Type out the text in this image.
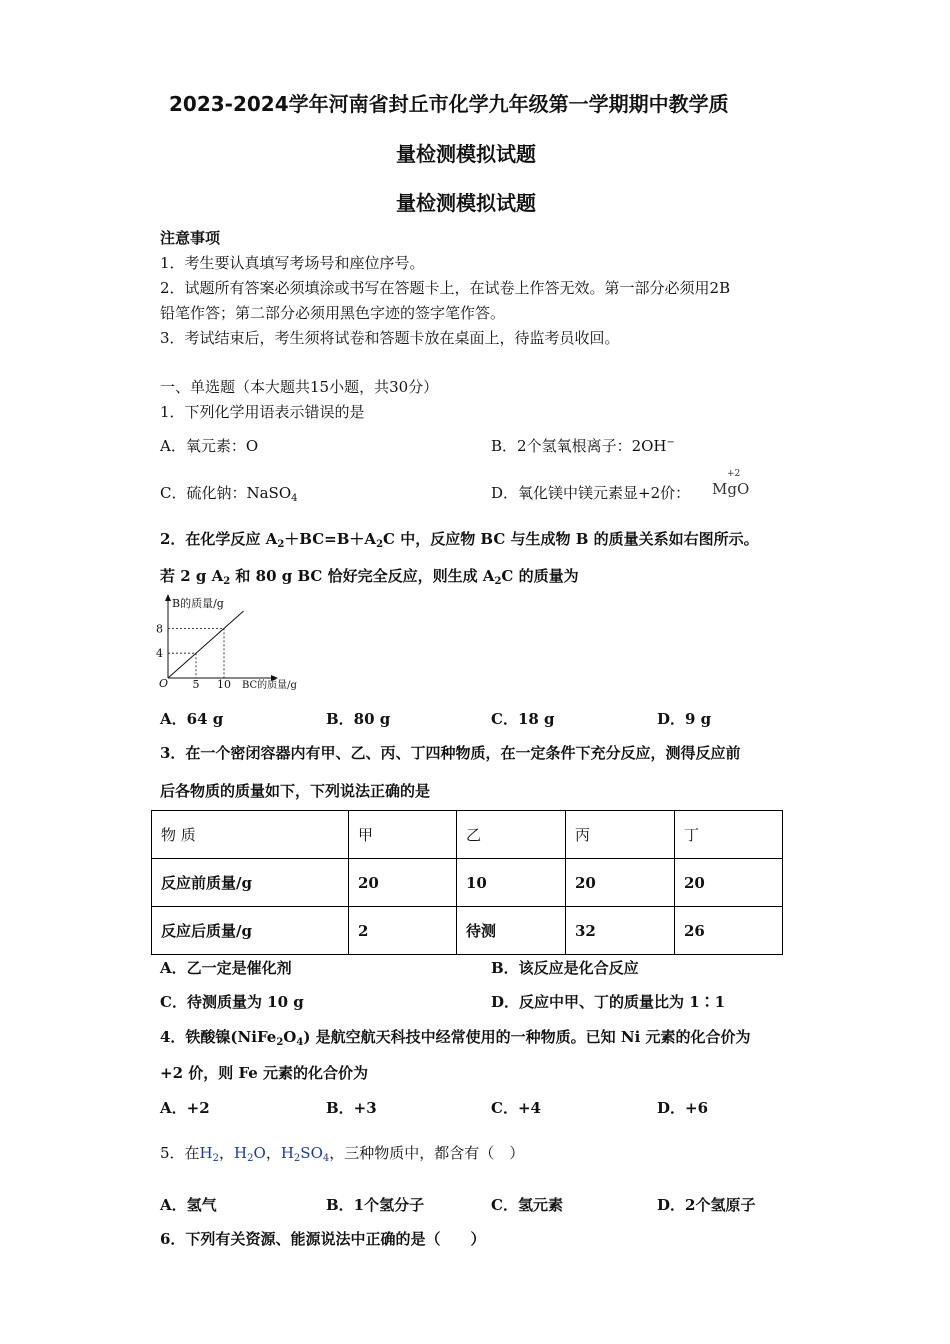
2023-2024学年河南省封丘市化学九年级第一学期期中教学质
量检测模拟试题
量检测模拟试题
注意事项
1．考生要认真填写考场号和座位序号。
2．试题所有答案必须填涂或书写在答题卡上，在试卷上作答无效。第一部分必须用2B
铅笔作答；第二部分必须用黑色字迹的签字笔作答。
3．考试结束后，考生须将试卷和答题卡放在桌面上，待监考员收回。
一、单选题（本大题共15小题，共30分）
1．下列化学用语表示错误的是
A．氧元素：O	B．2个氢氧根离子：2OH−
C．硫化钠：NaSO$_4$	D．氧化镁中镁元素显+2价：
+2
MgO
2．在化学反应 $A_2+BC=B+A_2C$ 中，反应物 BC 与生成物 B 的质量关系如右图所示。
若 2 g $A_2$ 和 80 g BC 恰好完全反应，则生成 $A_2C$ 的质量为
B的质量/g
BC的质量/g
O 5 10
4
8
A．64 g	B．80 g	C．18 g	D．9 g
3．在一个密闭容器内有甲、乙、丙、丁四种物质，在一定条件下充分反应，测得反应前
后各物质的质量如下，下列说法正确的是
物 质	甲	乙	丙	丁
反应前质量/g	20	10	20	20
反应后质量/g	2	待测	32	26
A．乙一定是催化剂	B．该反应是化合反应
C．待测质量为 10 g	D．反应中甲、丁的质量比为 1∶1
4．铁酸镍$(NiFe_2O_4)$ 是航空航天科技中经常使用的一种物质。已知 Ni 元素的化合价为
+2 价，则 Fe 元素的化合价为
A．+2	B．+3	C．+4	D．+6
5．在$H_2$，$H_2O$，$H_2SO_4$，三种物质中，都含有（　）
A．氢气	B．1个氢分子	C．氢元素	D．2个氢原子
6．下列有关资源、能源说法中正确的是（　　）
